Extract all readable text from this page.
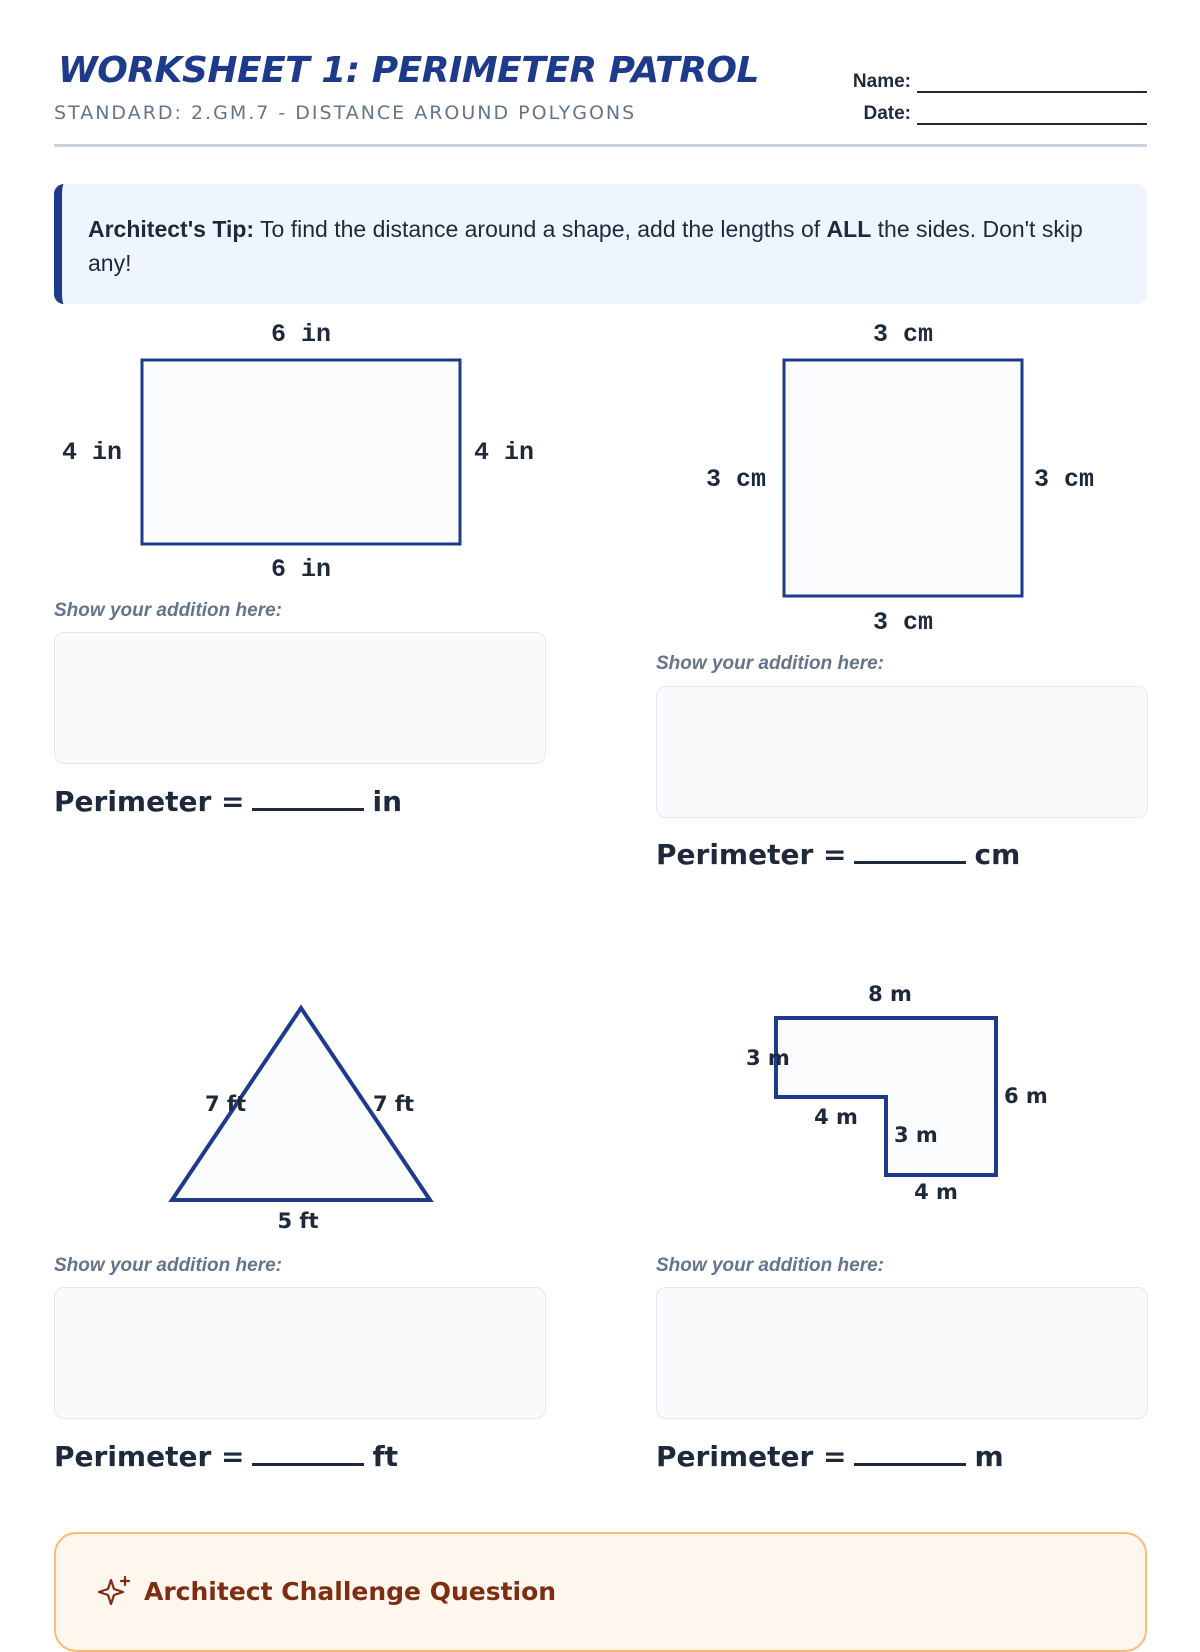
WORKSHEET 1: PERIMETER PATROL
STANDARD: 2.GM.7 - DISTANCE AROUND POLYGONS
Name:
Date:
Architect's Tip: To find the distance around a shape, add the lengths of ALL the sides. Don't skip any!
6 in
6 in
4 in	4 in
Show your addition here:
Perimeter =	in
3 cm
3 cm
3 cm	3 cm
Show your addition here:
Perimeter =	cm
7 ft	7 ft
5 ft
Show your addition here:
Perimeter =	ft
8 m
6 m
4 m
3 m
4 m
3 m
Show your addition here:
Perimeter =	m
Architect Challenge Question
